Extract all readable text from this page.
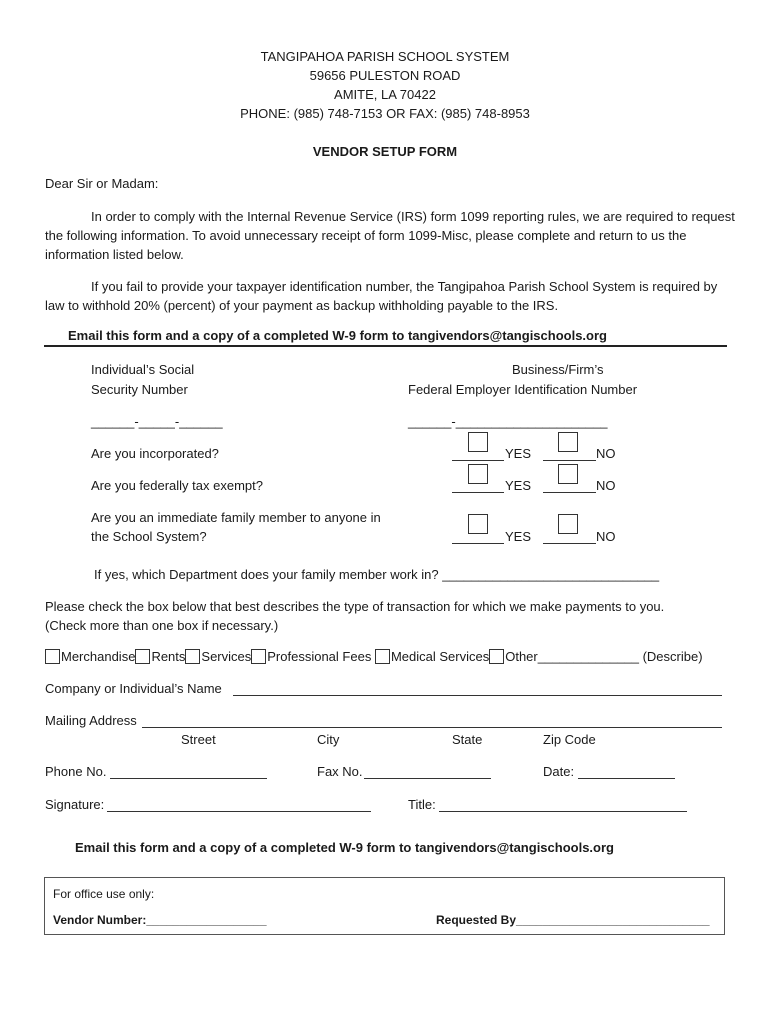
TANGIPAHOA PARISH SCHOOL SYSTEM
59656 PULESTON ROAD
AMITE, LA 70422
PHONE: (985) 748-7153 OR FAX: (985) 748-8953
VENDOR SETUP FORM
Dear Sir or Madam:
In order to comply with the Internal Revenue Service (IRS) form 1099 reporting rules, we are required to request the following information. To avoid unnecessary receipt of form 1099-Misc, please complete and return to us the information listed below.
If you fail to provide your taxpayer identification number, the Tangipahoa Parish School System is required by law to withhold 20% (percent) of your payment as backup withholding payable to the IRS.
Email this form and a copy of a completed W-9 form to tangivendors@tangischools.org
Individual’s Social
Security Number
Business/Firm’s
Federal Employer Identification Number
______-_____-______	______-_____________________
Are you incorporated?	YES	NO
Are you federally tax exempt?	YES	NO
Are you an immediate family member to anyone in
the School System?	YES	NO
If yes, which Department does your family member work in? ______________________________
Please check the box below that best describes the type of transaction for which we make payments to you.
(Check more than one box if necessary.)
Merchandise Rents Services Professional Fees Medical Services Other______________ (Describe)
Company or Individual’s Name
Mailing Address
Street	City	State	Zip Code
Phone No.	Fax No.	Date:
Signature:	Title:
Email this form and a copy of a completed W-9 form to tangivendors@tangischools.org
For office use only:
Vendor Number:__________________	Requested By_____________________________
